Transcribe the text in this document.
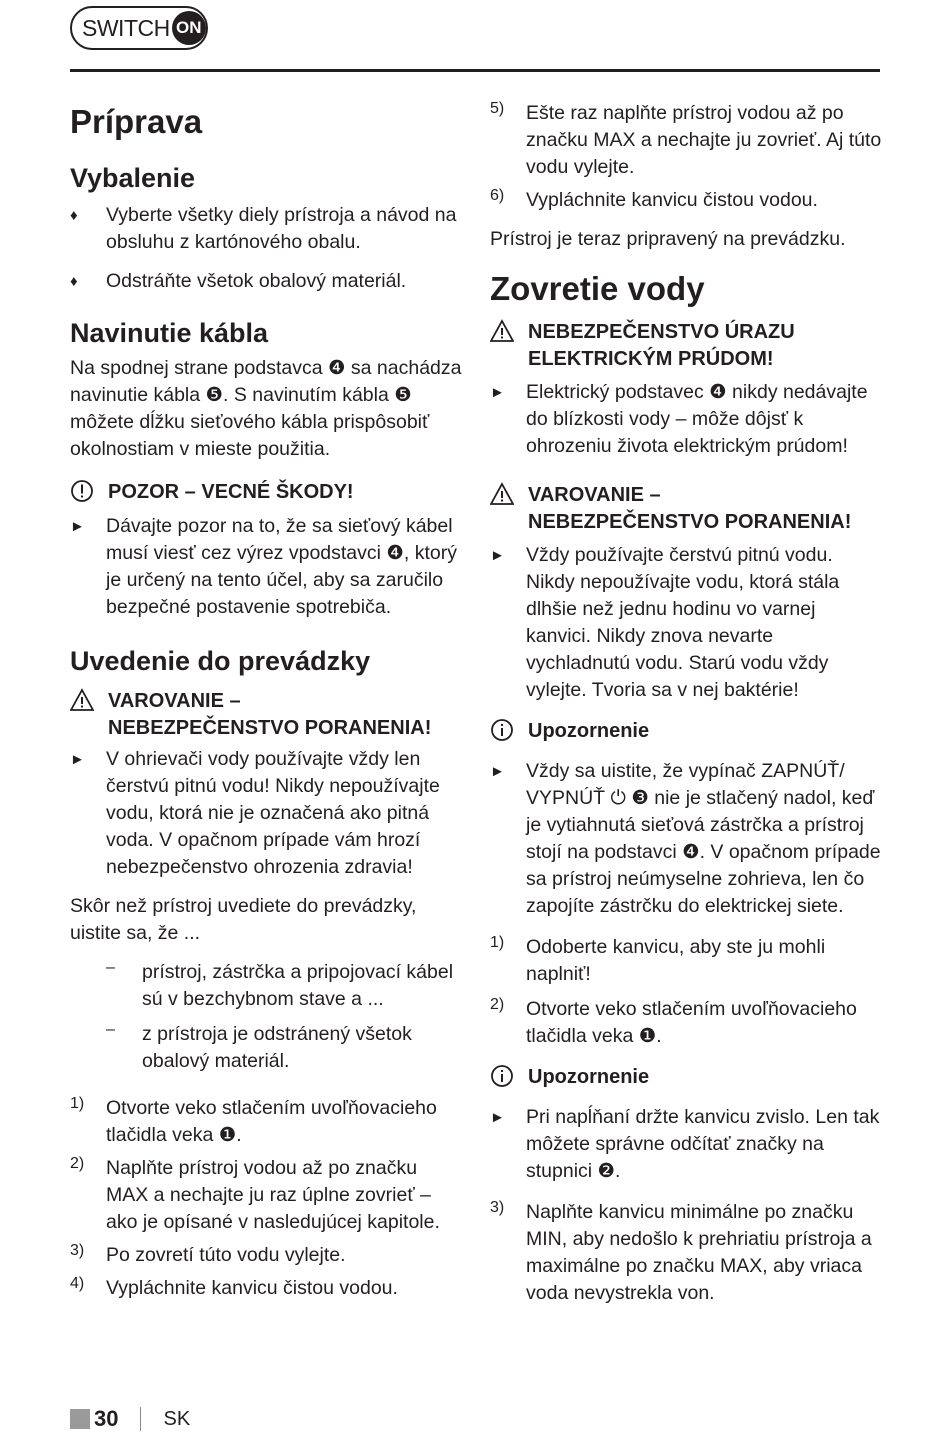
SWITCH ON
Príprava
Vybalenie
♦	Vyberte všetky diely prístroja a návod na obsluhu z kartónového obalu.

♦	Odstráňte všetok obalový materiál.

Navinutie kábla

Na spodnej strane podstavca ❹ sa nachádza navinutie kábla ❺. S navinutím kábla ❺ môžete dĺžku sieťového kábla prispôsobiť okolnostiam v mieste použitia.

POZOR – VECNÉ ŠKODY!
►	Dávajte pozor na to, že sa sieťový kábel musí viesť cez výrez vpodstavci ❹, ktorý je určený na tento účel, aby sa zaručilo bezpečné postavenie spotrebiča.

Uvedenie do prevádzky
VAROVANIE –
NEBEZPEČENSTVO PORANENIA!
►	V ohrievači vody používajte vždy len čerstvú pitnú vodu! Nikdy nepoužívajte vodu, ktorá nie je označená ako pitná voda. V opačnom prípade vám hrozí nebezpečenstvo ohrozenia zdravia!

Skôr než prístroj uvediete do prevádzky, uistite sa, že ...

–	prístroj, zástrčka a pripojovací kábel sú v bezchybnom stave a ...

–	z prístroja je odstránený všetok obalový materiál.

1)	Otvorte veko stlačením uvoľňovacieho tlačidla veka ❶.

2)	Naplňte prístroj vodou až po značku MAX a nechajte ju raz úplne zovrieť – ako je opísané v nasledujúcej kapitole.

3)	Po zovretí túto vodu vylejte.

4)	Vypláchnite kanvicu čistou vodou.

5)	Ešte raz naplňte prístroj vodou až po značku MAX a nechajte ju zovrieť. Aj túto vodu vylejte.

6)	Vypláchnite kanvicu čistou vodou.

Prístroj je teraz pripravený na prevádzku.

Zovretie vody
NEBEZPEČENSTVO ÚRAZU
ELEKTRICKÝM PRÚDOM!
►	Elektrický podstavec ❹ nikdy nedávajte do blízkosti vody – môže dôjsť k ohrozeniu života elektrickým prúdom!

VAROVANIE –
NEBEZPEČENSTVO PORANENIA!
►	Vždy používajte čerstvú pitnú vodu. Nikdy nepoužívajte vodu, ktorá stála dlhšie než jednu hodinu vo varnej kanvici. Nikdy znova nevarte vychladnutú vodu. Starú vodu vždy vylejte. Tvoria sa v nej baktérie!

Upozornenie
►	Vždy sa uistite, že vypínač ZAPNÚŤ/ VYPNÚŤ ⏻ ❸ nie je stlačený nadol, keď je vytiahnutá sieťová zástrčka a prístroj stojí na podstavci ❹. V opačnom prípade sa prístroj neúmyselne zohrieva, len čo zapojíte zástrčku do elektrickej siete.

1)	Odoberte kanvicu, aby ste ju mohli naplniť!

2)	Otvorte veko stlačením uvoľňovacieho tlačidla veka ❶.

Upozornenie
►	Pri napĺňaní držte kanvicu zvislo. Len tak môžete správne odčítať značky na stupnici ❷.

3)	Naplňte kanvicu minimálne po značku MIN, aby nedošlo k prehriatiu prístroja a maximálne po značku MAX, aby vriaca voda nevystrekla von.

30 SK
